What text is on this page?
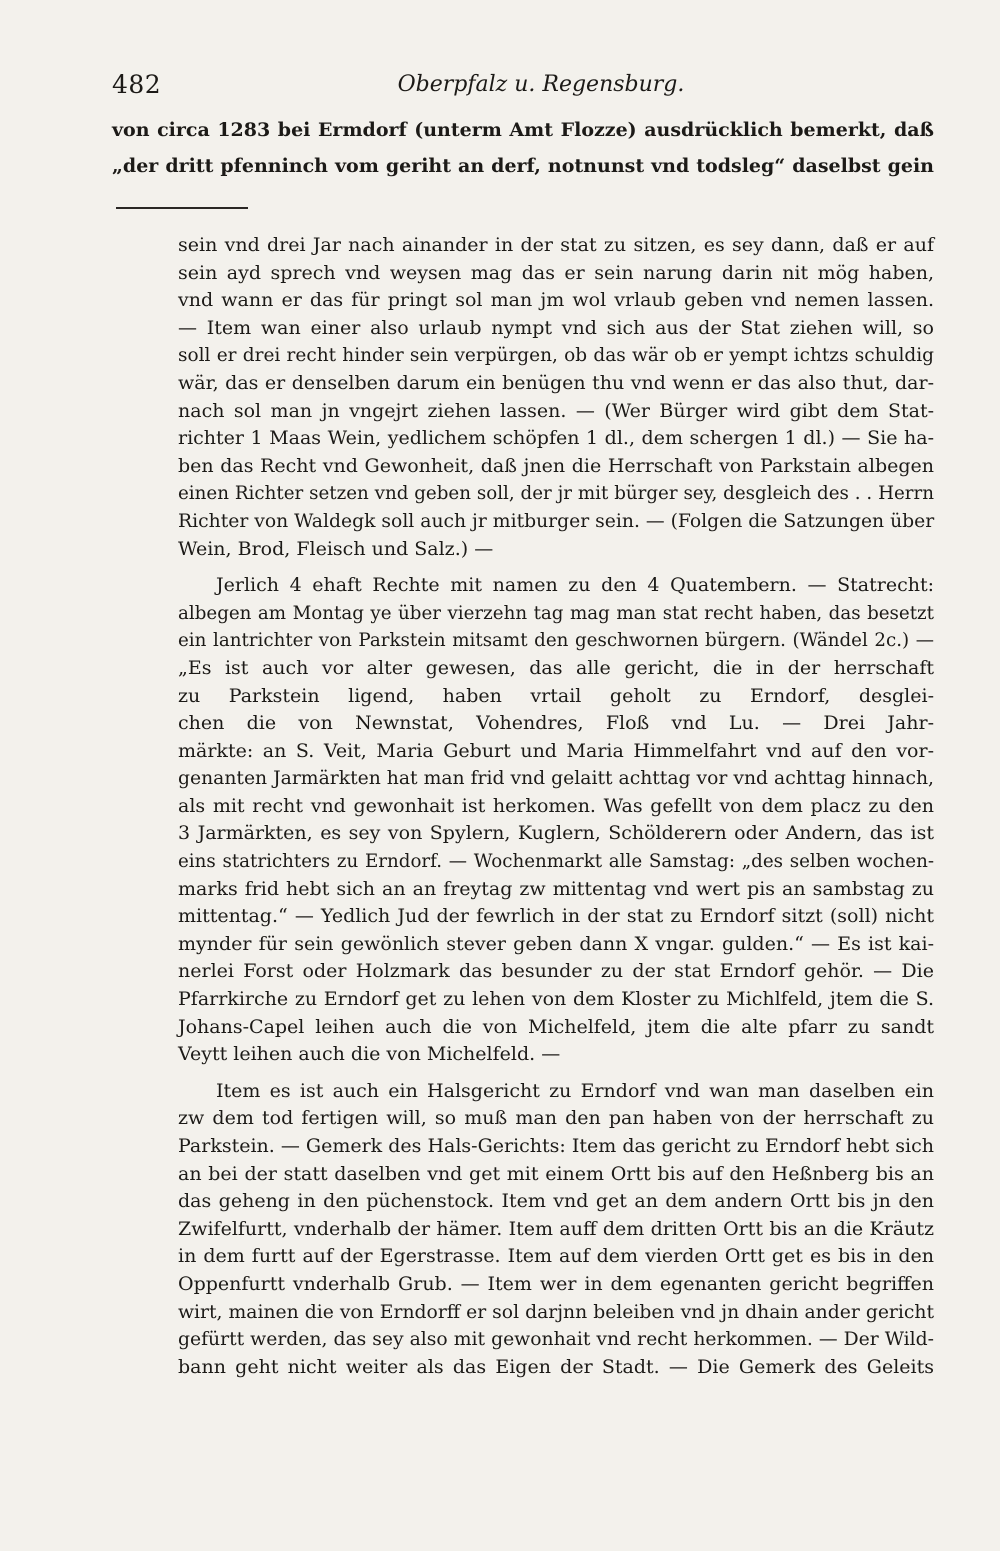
482	Oberpfalz u. Regensburg.
von circa 1283 bei Ermdorf (unterm Amt Flozze) ausdrücklich bemerkt, daß
„der dritt pfenninch vom geriht an derf, notnunst vnd todsleg“ daselbst gein
sein vnd drei Jar nach ainander in der stat zu sitzen, es sey dann, daß er auf
sein ayd sprech vnd weysen mag das er sein narung darin nit mög haben,
vnd wann er das für pringt sol man jm wol vrlaub geben vnd nemen lassen.
— Item wan einer also urlaub nympt vnd sich aus der Stat ziehen will, so
soll er drei recht hinder sein verpürgen, ob das wär ob er yempt ichtzs schuldig
wär, das er denselben darum ein benügen thu vnd wenn er das also thut, dar-
nach sol man jn vngejrt ziehen lassen. — (Wer Bürger wird gibt dem Stat-
richter 1 Maas Wein, yedlichem schöpfen 1 dl., dem schergen 1 dl.) — Sie ha-
ben das Recht vnd Gewonheit, daß jnen die Herrschaft von Parkstain albegen
einen Richter setzen vnd geben soll, der jr mit bürger sey, desgleich des . . Herrn
Richter von Waldegk soll auch jr mitburger sein. — (Folgen die Satzungen über
Wein, Brod, Fleisch und Salz.) —
Jerlich 4 ehaft Rechte mit namen zu den 4 Quatembern. — Statrecht:
albegen am Montag ye über vierzehn tag mag man stat recht haben, das besetzt
ein lantrichter von Parkstein mitsamt den geschwornen bürgern. (Wändel 2c.) —
„Es ist auch vor alter gewesen, das alle gericht, die in der herrschaft
zu Parkstein ligend, haben vrtail geholt zu Erndorf, desglei-
chen die von Newnstat, Vohendres, Floß vnd Lu. — Drei Jahr-
märkte: an S. Veit, Maria Geburt und Maria Himmelfahrt vnd auf den vor-
genanten Jarmärkten hat man frid vnd gelaitt achttag vor vnd achttag hinnach,
als mit recht vnd gewonhait ist herkomen. Was gefellt von dem placz zu den
3 Jarmärkten, es sey von Spylern, Kuglern, Schölderern oder Andern, das ist
eins statrichters zu Erndorf. — Wochenmarkt alle Samstag: „des selben wochen-
marks frid hebt sich an an freytag zw mittentag vnd wert pis an sambstag zu
mittentag.“ — Yedlich Jud der fewrlich in der stat zu Erndorf sitzt (soll) nicht
mynder für sein gewönlich stever geben dann X vngar. gulden.“ — Es ist kai-
nerlei Forst oder Holzmark das besunder zu der stat Erndorf gehör. — Die
Pfarrkirche zu Erndorf get zu lehen von dem Kloster zu Michlfeld, jtem die S.
Johans-Capel leihen auch die von Michelfeld, jtem die alte pfarr zu sandt
Veytt leihen auch die von Michelfeld. —
Item es ist auch ein Halsgericht zu Erndorf vnd wan man daselben ein
zw dem tod fertigen will, so muß man den pan haben von der herrschaft zu
Parkstein. — Gemerk des Hals-Gerichts: Item das gericht zu Erndorf hebt sich
an bei der statt daselben vnd get mit einem Ortt bis auf den Heßnberg bis an
das geheng in den püchenstock. Item vnd get an dem andern Ortt bis jn den
Zwifelfurtt, vnderhalb der hämer. Item auff dem dritten Ortt bis an die Kräutz
in dem furtt auf der Egerstrasse. Item auf dem vierden Ortt get es bis in den
Oppenfurtt vnderhalb Grub. — Item wer in dem egenanten gericht begriffen
wirt, mainen die von Erndorff er sol darjnn beleiben vnd jn dhain ander gericht
gefürtt werden, das sey also mit gewonhait vnd recht herkommen. — Der Wild-
bann geht nicht weiter als das Eigen der Stadt. — Die Gemerk des Geleits
